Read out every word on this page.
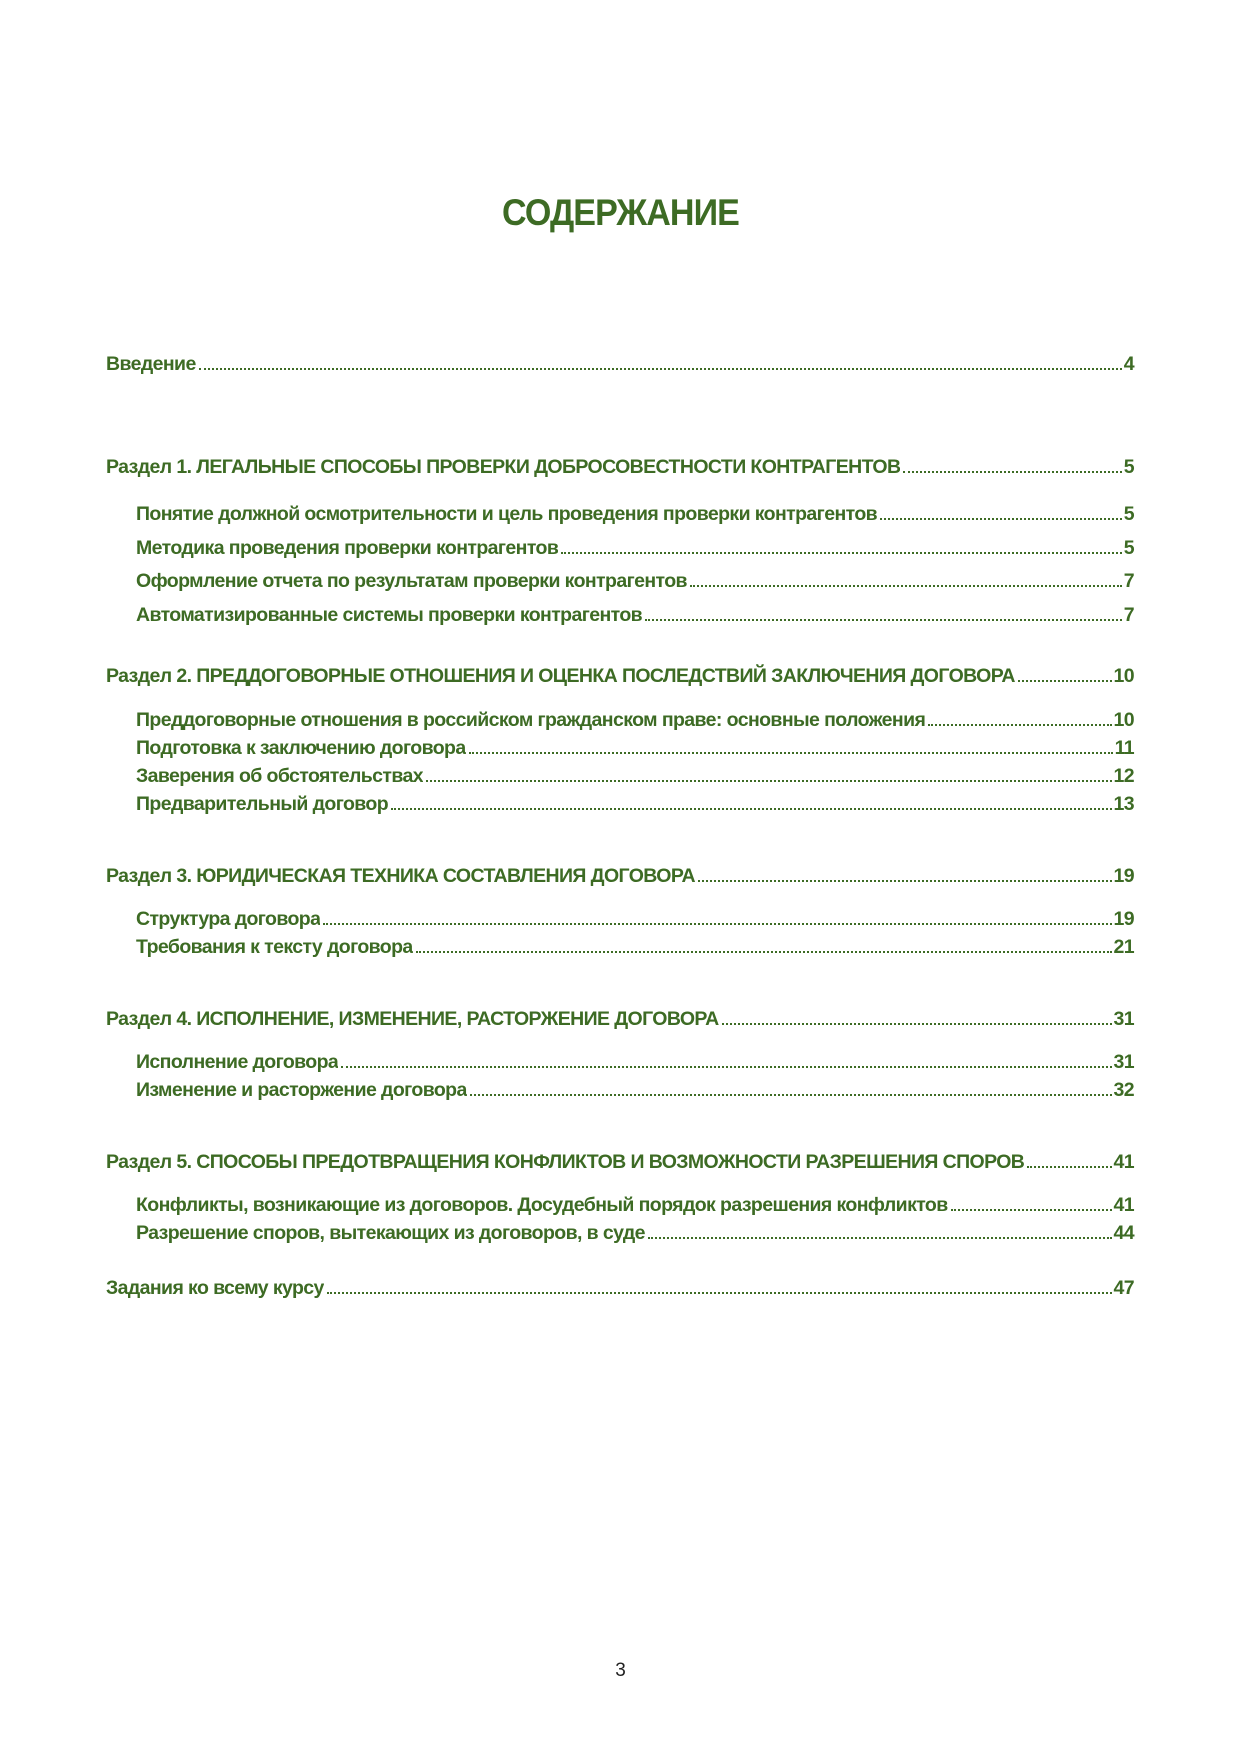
СОДЕРЖАНИЕ
Введение	4
Раздел 1. ЛЕГАЛЬНЫЕ СПОСОБЫ ПРОВЕРКИ ДОБРОСОВЕСТНОСТИ КОНТРАГЕНТОВ	5
Понятие должной осмотрительности и цель проведения проверки контрагентов	5
Методика проведения проверки контрагентов	5
Оформление отчета по результатам проверки контрагентов	7
Автоматизированные системы проверки контрагентов	7
Раздел 2. ПРЕДДОГОВОРНЫЕ ОТНОШЕНИЯ И ОЦЕНКА ПОСЛЕДСТВИЙ ЗАКЛЮЧЕНИЯ ДОГОВОРА	10
Преддоговорные отношения в российском гражданском праве: основные положения	10
Подготовка к заключению договора	11
Заверения об обстоятельствах	12
Предварительный договор	13
Раздел 3. ЮРИДИЧЕСКАЯ ТЕХНИКА СОСТАВЛЕНИЯ ДОГОВОРА	19
Структура договора	19
Требования к тексту договора	21
Раздел 4. ИСПОЛНЕНИЕ, ИЗМЕНЕНИЕ, РАСТОРЖЕНИЕ ДОГОВОРА	31
Исполнение договора	31
Изменение и расторжение договора	32
Раздел 5. СПОСОБЫ ПРЕДОТВРАЩЕНИЯ КОНФЛИКТОВ И ВОЗМОЖНОСТИ РАЗРЕШЕНИЯ СПОРОВ	41
Конфликты, возникающие из договоров. Досудебный порядок разрешения конфликтов	41
Разрешение споров, вытекающих из договоров, в суде	44
Задания ко всему курсу	47
3
